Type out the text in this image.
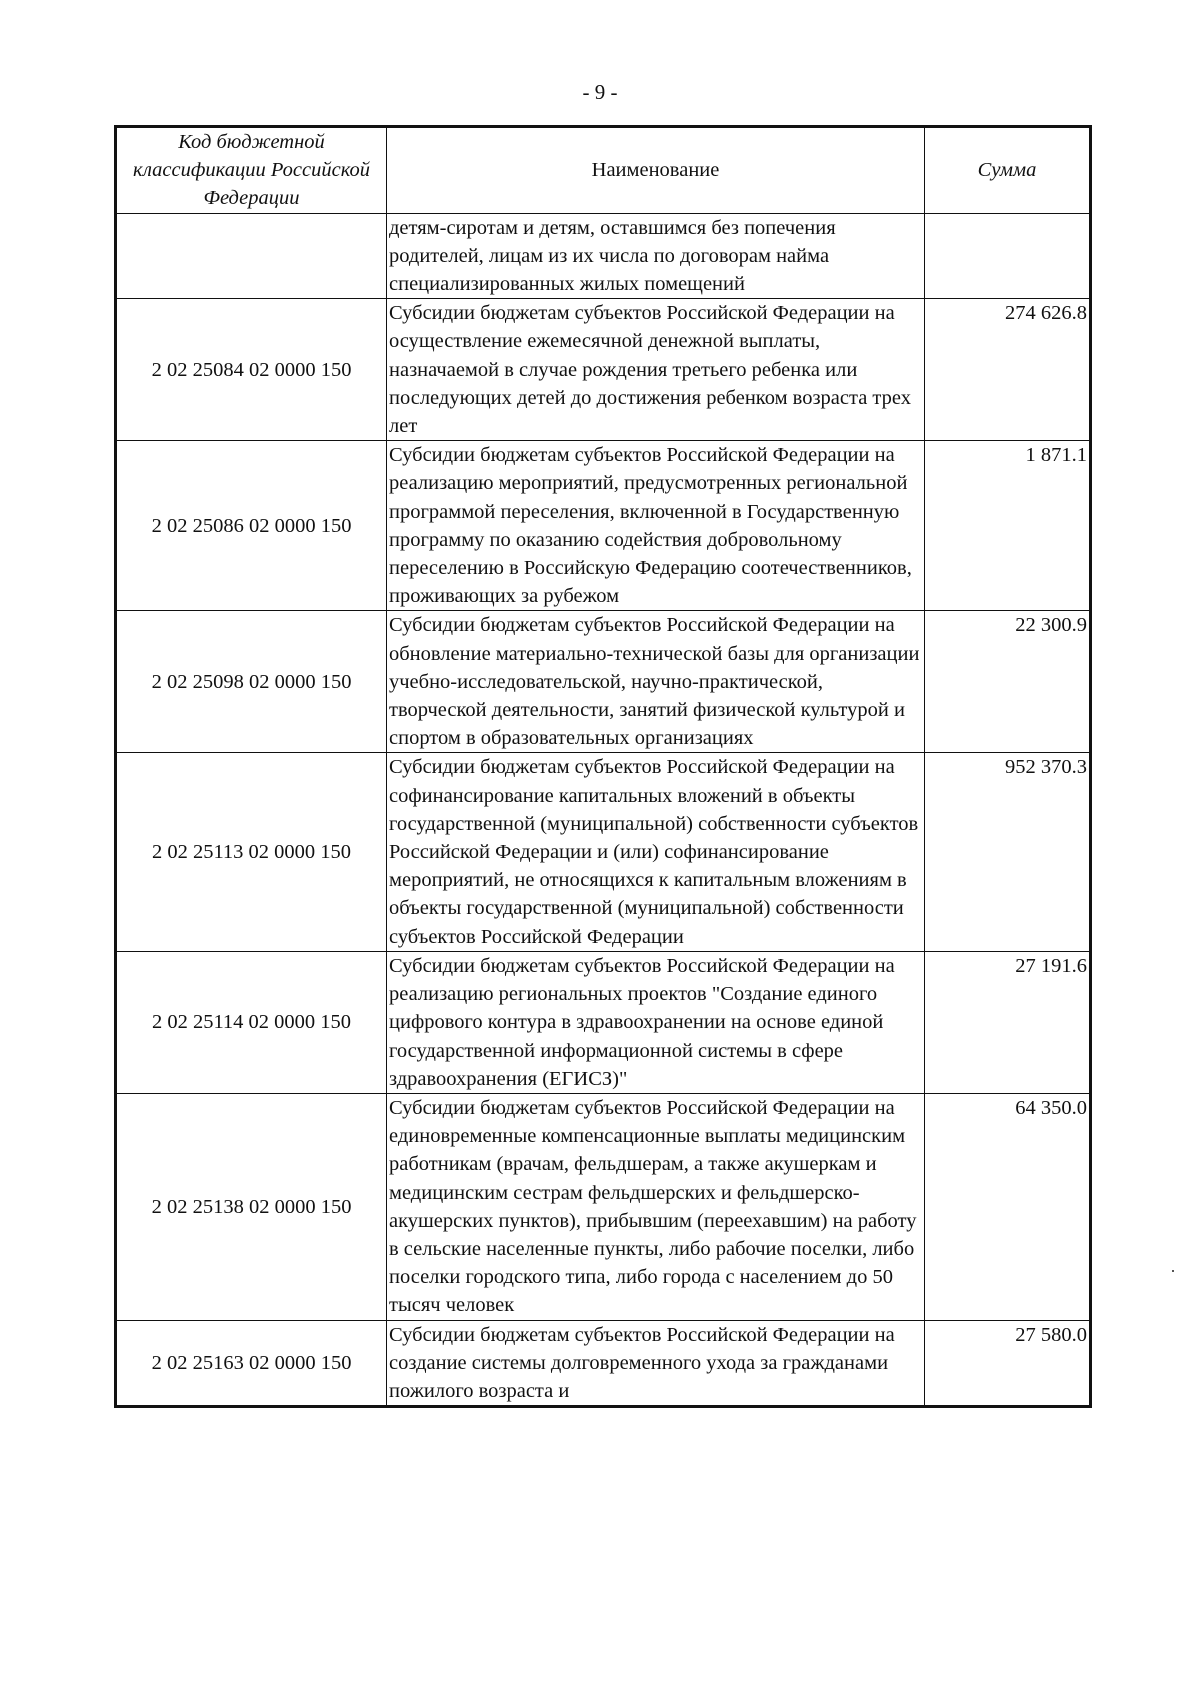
- 9 -
Код бюджетной классификации Российской Федерации	Наименование	Сумма
	детям-сиротам и детям, оставшимся без попечения родителей, лицам из их числа по договорам найма специализированных жилых помещений	
2 02 25084 02 0000 150	Субсидии бюджетам субъектов Российской Федерации на осуществление ежемесячной денежной выплаты, назначаемой в случае рождения третьего ребенка или последующих детей до достижения ребенком возраста трех лет	274 626.8
2 02 25086 02 0000 150	Субсидии бюджетам субъектов Российской Федерации на реализацию мероприятий, предусмотренных региональной программой переселения, включенной в Государственную программу по оказанию содействия добровольному переселению в Российскую Федерацию соотечественников, проживающих за рубежом	1 871.1
2 02 25098 02 0000 150	Субсидии бюджетам субъектов Российской Федерации на обновление материально-технической базы для организации учебно-исследовательской, научно-практической, творческой деятельности, занятий физической культурой и спортом в образовательных организациях	22 300.9
2 02 25113 02 0000 150	Субсидии бюджетам субъектов Российской Федерации на софинансирование капитальных вложений в объекты государственной (муниципальной) собственности субъектов Российской Федерации и (или) софинансирование мероприятий, не относящихся к капитальным вложениям в объекты государственной (муниципальной) собственности субъектов Российской Федерации	952 370.3
2 02 25114 02 0000 150	Субсидии бюджетам субъектов Российской Федерации на реализацию региональных проектов "Создание единого цифрового контура в здравоохранении на основе единой государственной информационной системы в сфере здравоохранения (ЕГИСЗ)"	27 191.6
2 02 25138 02 0000 150	Субсидии бюджетам субъектов Российской Федерации на единовременные компенсационные выплаты медицинским работникам (врачам, фельдшерам, а также акушеркам и медицинским сестрам фельдшерских и фельдшерско-акушерских пунктов), прибывшим (переехавшим) на работу в сельские населенные пункты, либо рабочие поселки, либо поселки городского типа, либо города с населением до 50 тысяч человек	64 350.0
2 02 25163 02 0000 150	Субсидии бюджетам субъектов Российской Федерации на создание системы долговременного ухода за гражданами пожилого возраста и	27 580.0
